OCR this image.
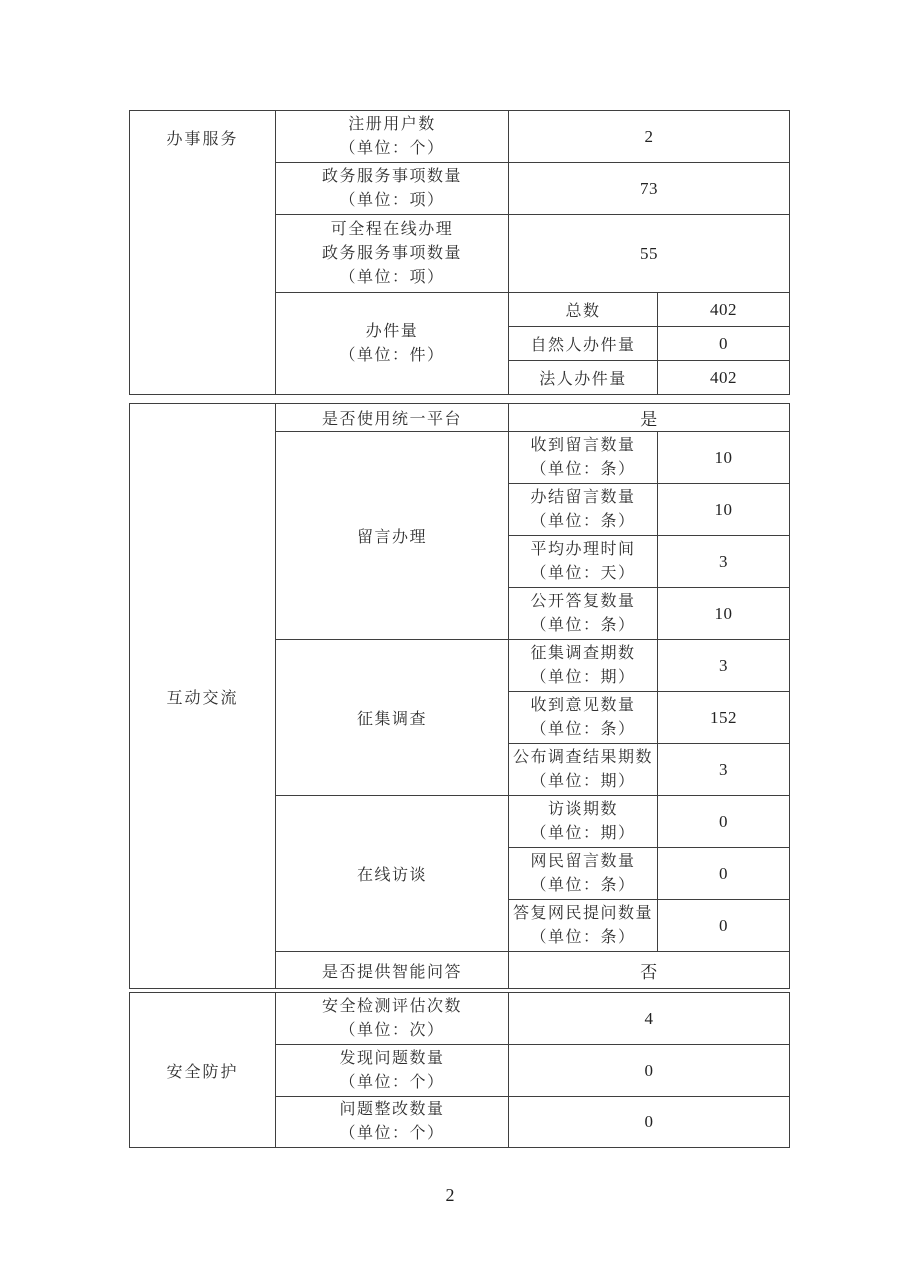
办事服务	注册用户数
（单位：个）	2	

	政务服务事项数量
（单位：项）	73	

	可全程在线办理
政务服务事项数量
（单位：项）	55	

	办件量
（单位：件）	总数	402
		自然人办件量	0
		法人办件量	402
互动交流	是否使用统一平台	是	
	留言办理	收到留言数量
（单位：条）	10

		办结留言数量
（单位：条）	10

		平均办理时间
（单位：天）	3

		公开答复数量
（单位：条）	10
	征集调查	征集调查期数
（单位：期）	3

		收到意见数量
（单位：条）	152

		公布调查结果期数
（单位：期）	3
	在线访谈	访谈期数
（单位：期）	0

		网民留言数量
（单位：条）	0

		答复网民提问数量
（单位：条）	0
	是否提供智能问答	否	
安全防护	安全检测评估次数
（单位：次）	4

	发现问题数量
（单位：个）	0

	问题整改数量
（单位：个）	0
2
